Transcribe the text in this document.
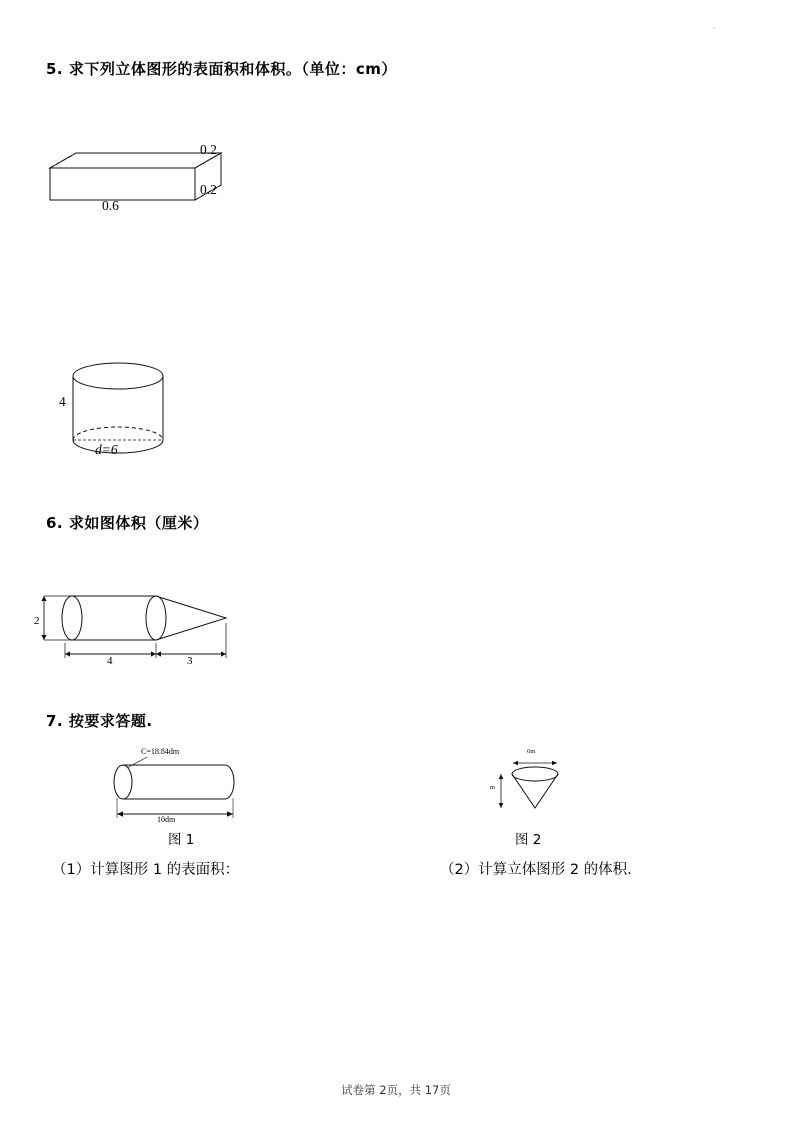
5. 求下列立体图形的表面积和体积。（单位：cm）
0.2
0.2
0.6
4
d=6
6. 求如图体积（厘米）
2
4	3
7. 按要求答题.
C=18.84dm
10dm
图 1
6m
m
图 2
（1）计算图形 1 的表面积：	（2）计算立体图形 2 的体积.
试卷第 2页，共 17页
